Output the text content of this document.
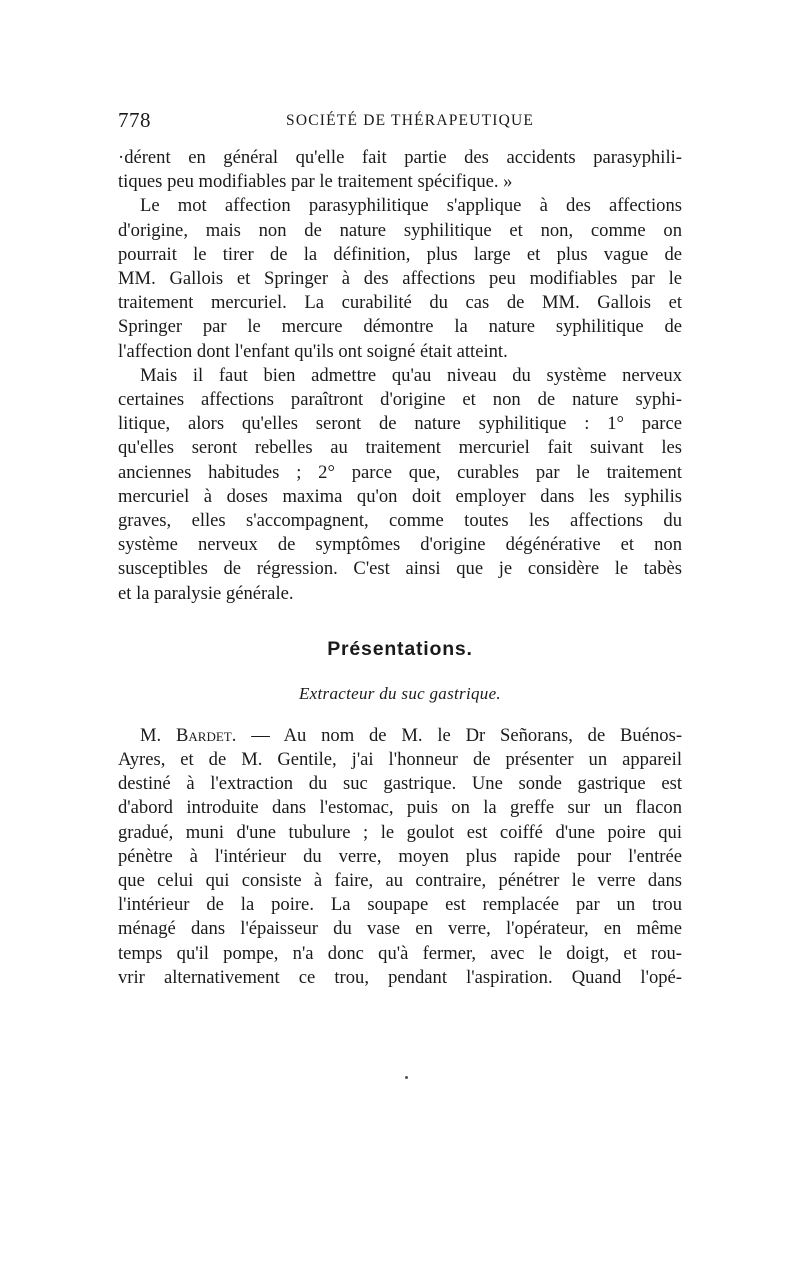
778	SOCIÉTÉ DE THÉRAPEUTIQUE

·dérent en général qu'elle fait partie des accidents parasyphili-
tiques peu modifiables par le traitement spécifique. »

Le mot affection parasyphilitique s'applique à des affections
d'origine, mais non de nature syphilitique et non, comme on
pourrait le tirer de la définition, plus large et plus vague de
MM. Gallois et Springer à des affections peu modifiables par le
traitement mercuriel. La curabilité du cas de MM. Gallois et
Springer par le mercure démontre la nature syphilitique de
l'affection dont l'enfant qu'ils ont soigné était atteint.

Mais il faut bien admettre qu'au niveau du système nerveux
certaines affections paraîtront d'origine et non de nature syphi-
litique, alors qu'elles seront de nature syphilitique : 1° parce
qu'elles seront rebelles au traitement mercuriel fait suivant les
anciennes habitudes ; 2° parce que, curables par le traitement
mercuriel à doses maxima qu'on doit employer dans les syphilis
graves, elles s'accompagnent, comme toutes les affections du
système nerveux de symptômes d'origine dégénérative et non
susceptibles de régression. C'est ainsi que je considère le tabès
et la paralysie générale.

Présentations.
Extracteur du suc gastrique.

M. Bardet. — Au nom de M. le Dr Señorans, de Buénos-
Ayres, et de M. Gentile, j'ai l'honneur de présenter un appareil
destiné à l'extraction du suc gastrique. Une sonde gastrique est
d'abord introduite dans l'estomac, puis on la greffe sur un flacon
gradué, muni d'une tubulure ; le goulot est coiffé d'une poire qui
pénètre à l'intérieur du verre, moyen plus rapide pour l'entrée
que celui qui consiste à faire, au contraire, pénétrer le verre dans
l'intérieur de la poire. La soupape est remplacée par un trou
ménagé dans l'épaisseur du vase en verre, l'opérateur, en même
temps qu'il pompe, n'a donc qu'à fermer, avec le doigt, et rou-
vrir alternativement ce trou, pendant l'aspiration. Quand l'opé-
